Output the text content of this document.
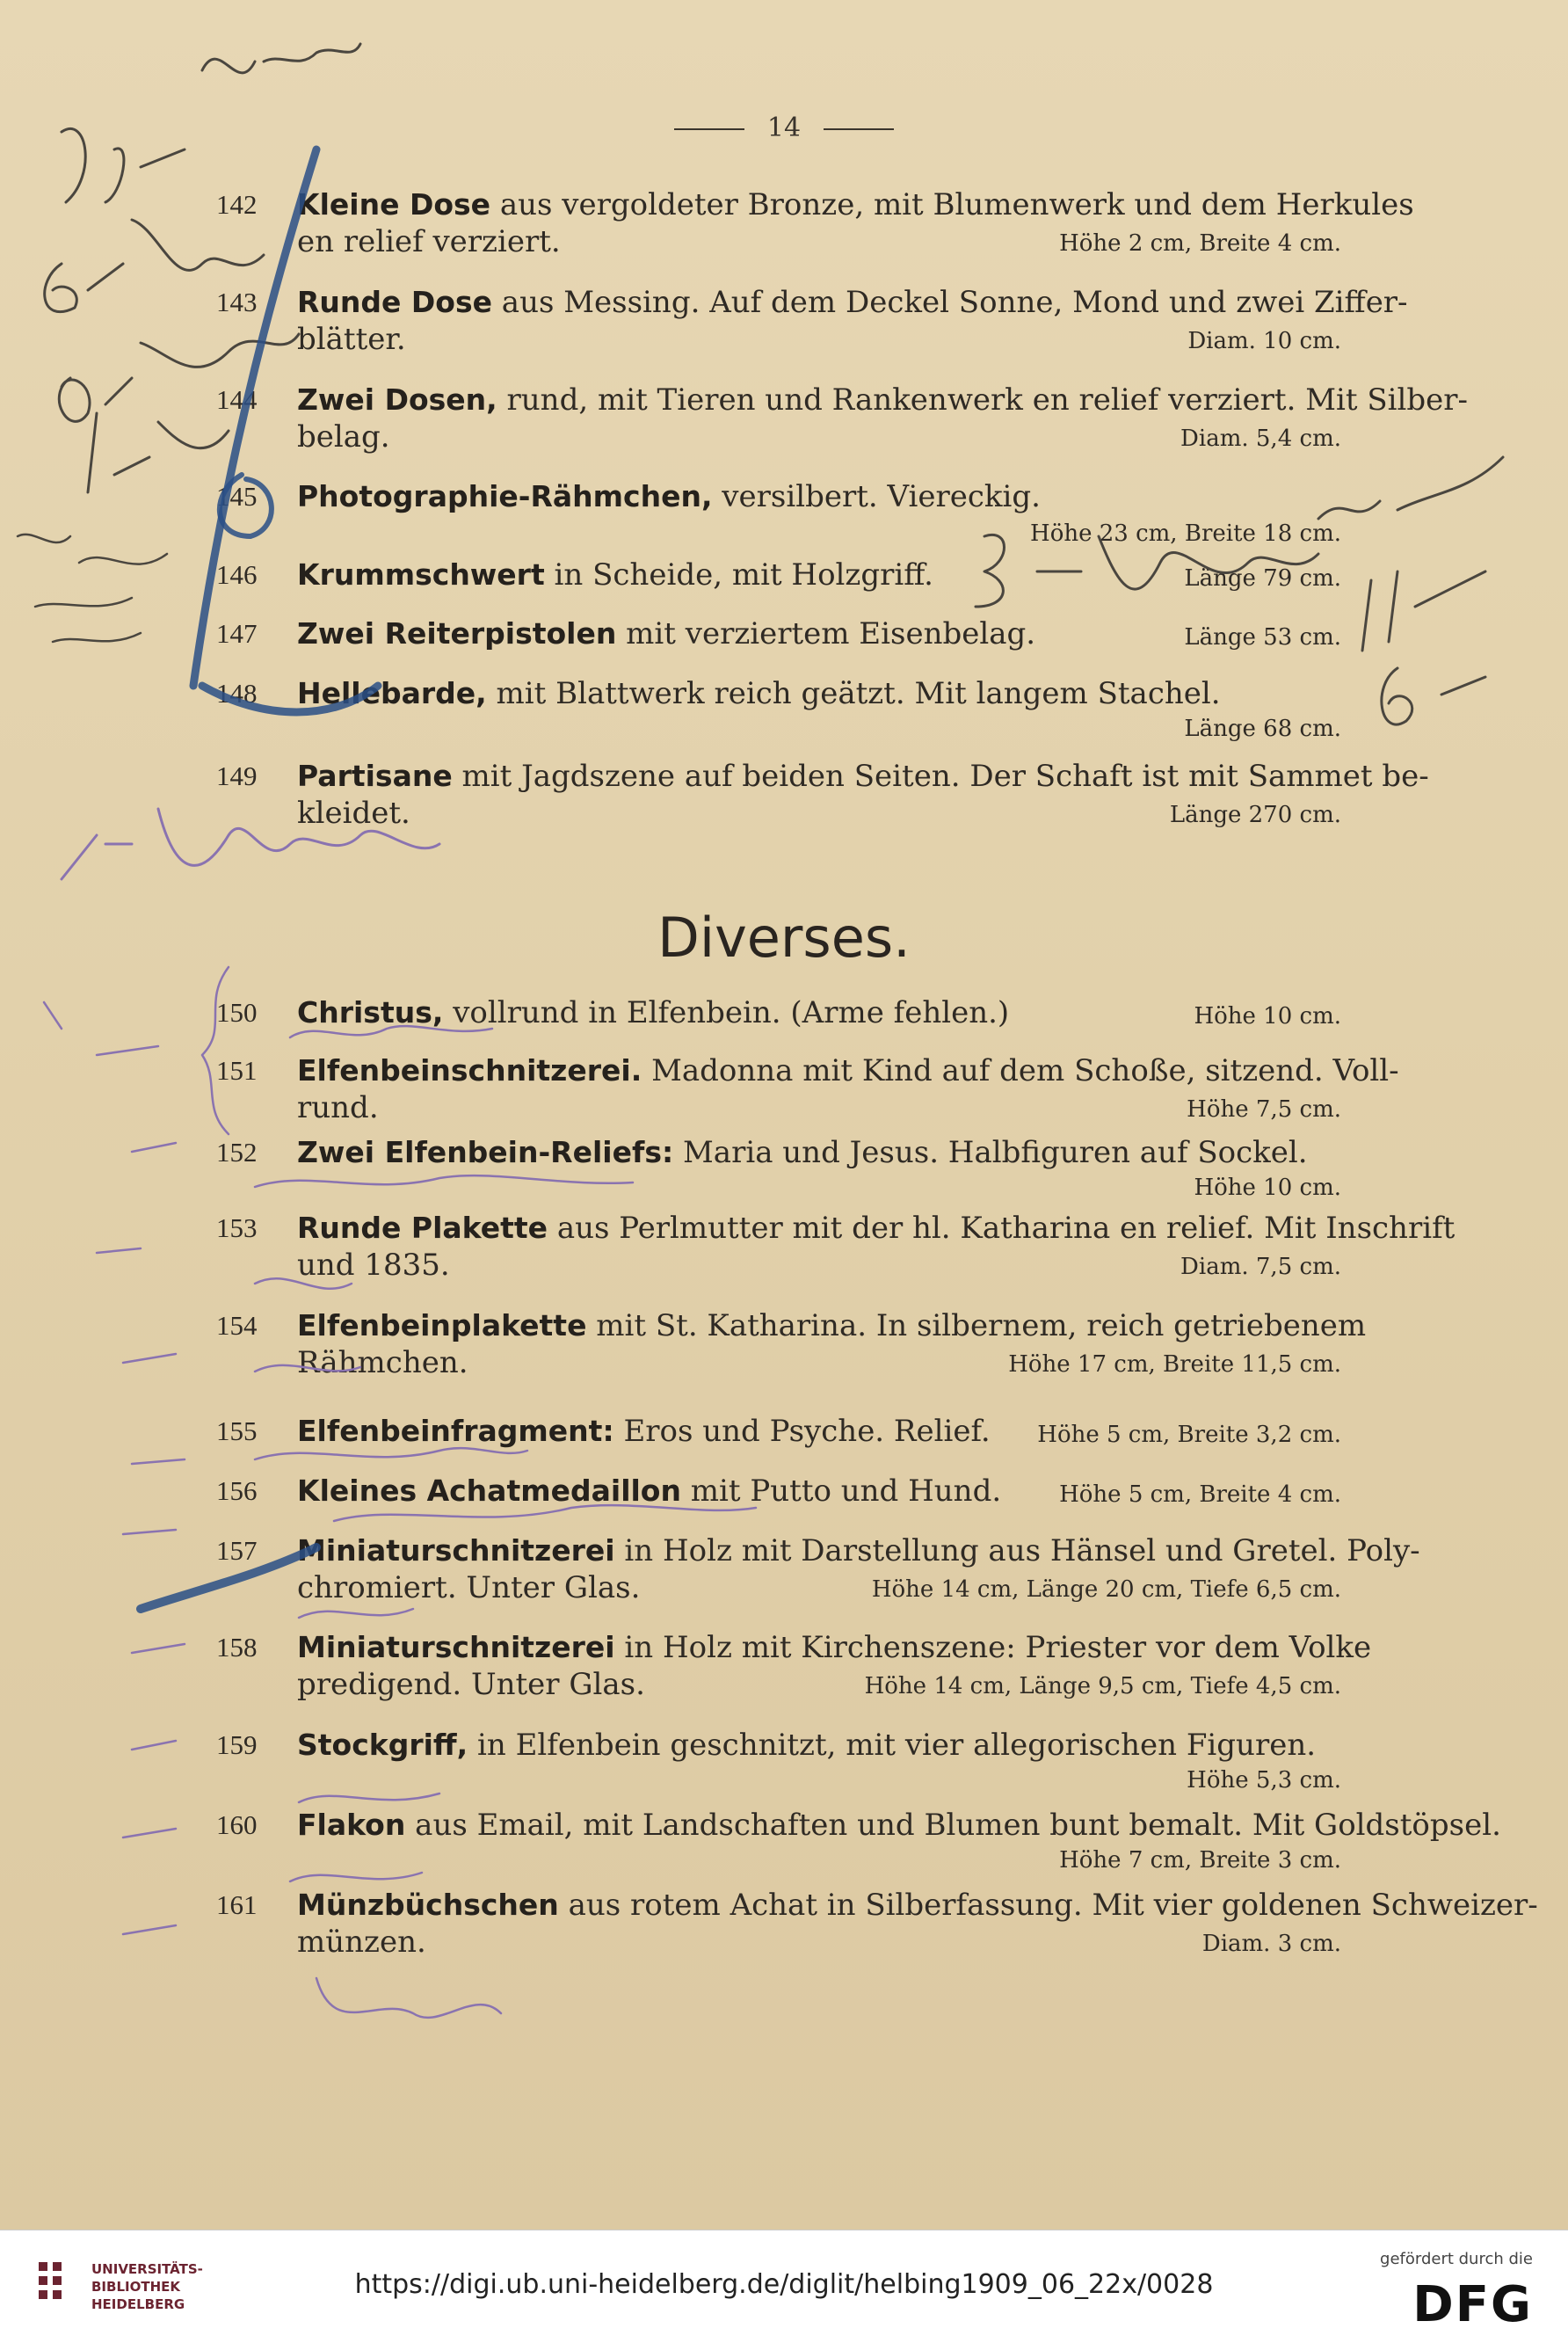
14
142	Kleine Dose aus vergoldeter Bronze, mit Blumenwerk und dem Herkules
en relief verziert.	Höhe 2 cm, Breite 4 cm.
143	Runde Dose aus Messing. Auf dem Deckel Sonne, Mond und zwei Ziffer-
blätter.	Diam. 10 cm.
144	Zwei Dosen, rund, mit Tieren und Rankenwerk en relief verziert. Mit Silber-
belag.	Diam. 5,4 cm.
145	Photographie-Rähmchen, versilbert. Viereckig.
Höhe 23 cm, Breite 18 cm.
146	Krummschwert in Scheide, mit Holzgriff.	Länge 79 cm.
147	Zwei Reiterpistolen mit verziertem Eisenbelag.	Länge 53 cm.
148	Hellebarde, mit Blattwerk reich geätzt. Mit langem Stachel.
Länge 68 cm.
149	Partisane mit Jagdszene auf beiden Seiten. Der Schaft ist mit Sammet be-
kleidet.	Länge 270 cm.
Diverses.
150	Christus, vollrund in Elfenbein. (Arme fehlen.)	Höhe 10 cm.
151	Elfenbeinschnitzerei. Madonna mit Kind auf dem Schoße, sitzend. Voll-
rund.	Höhe 7,5 cm.
152	Zwei Elfenbein-Reliefs: Maria und Jesus. Halbfiguren auf Sockel.
Höhe 10 cm.
153	Runde Plakette aus Perlmutter mit der hl. Katharina en relief. Mit Inschrift
und 1835.	Diam. 7,5 cm.
154	Elfenbeinplakette mit St. Katharina. In silbernem, reich getriebenem
Rähmchen.	Höhe 17 cm, Breite 11,5 cm.
155	Elfenbeinfragment: Eros und Psyche. Relief.	Höhe 5 cm, Breite 3,2 cm.
156	Kleines Achatmedaillon mit Putto und Hund.	Höhe 5 cm, Breite 4 cm.
157	Miniaturschnitzerei in Holz mit Darstellung aus Hänsel und Gretel. Poly-
chromiert. Unter Glas.	Höhe 14 cm, Länge 20 cm, Tiefe 6,5 cm.
158	Miniaturschnitzerei in Holz mit Kirchenszene: Priester vor dem Volke
predigend. Unter Glas.	Höhe 14 cm, Länge 9,5 cm, Tiefe 4,5 cm.
159	Stockgriff, in Elfenbein geschnitzt, mit vier allegorischen Figuren.
Höhe 5,3 cm.
160	Flakon aus Email, mit Landschaften und Blumen bunt bemalt. Mit Goldstöpsel.
Höhe 7 cm, Breite 3 cm.
161	Münzbüchschen aus rotem Achat in Silberfassung. Mit vier goldenen Schweizer-
münzen.	Diam. 3 cm.
UNIVERSITÄTS-
BIBLIOTHEK
HEIDELBERG
https://digi.ub.uni-heidelberg.de/diglit/helbing1909_06_22x/0028
gefördert durch die
DFG
